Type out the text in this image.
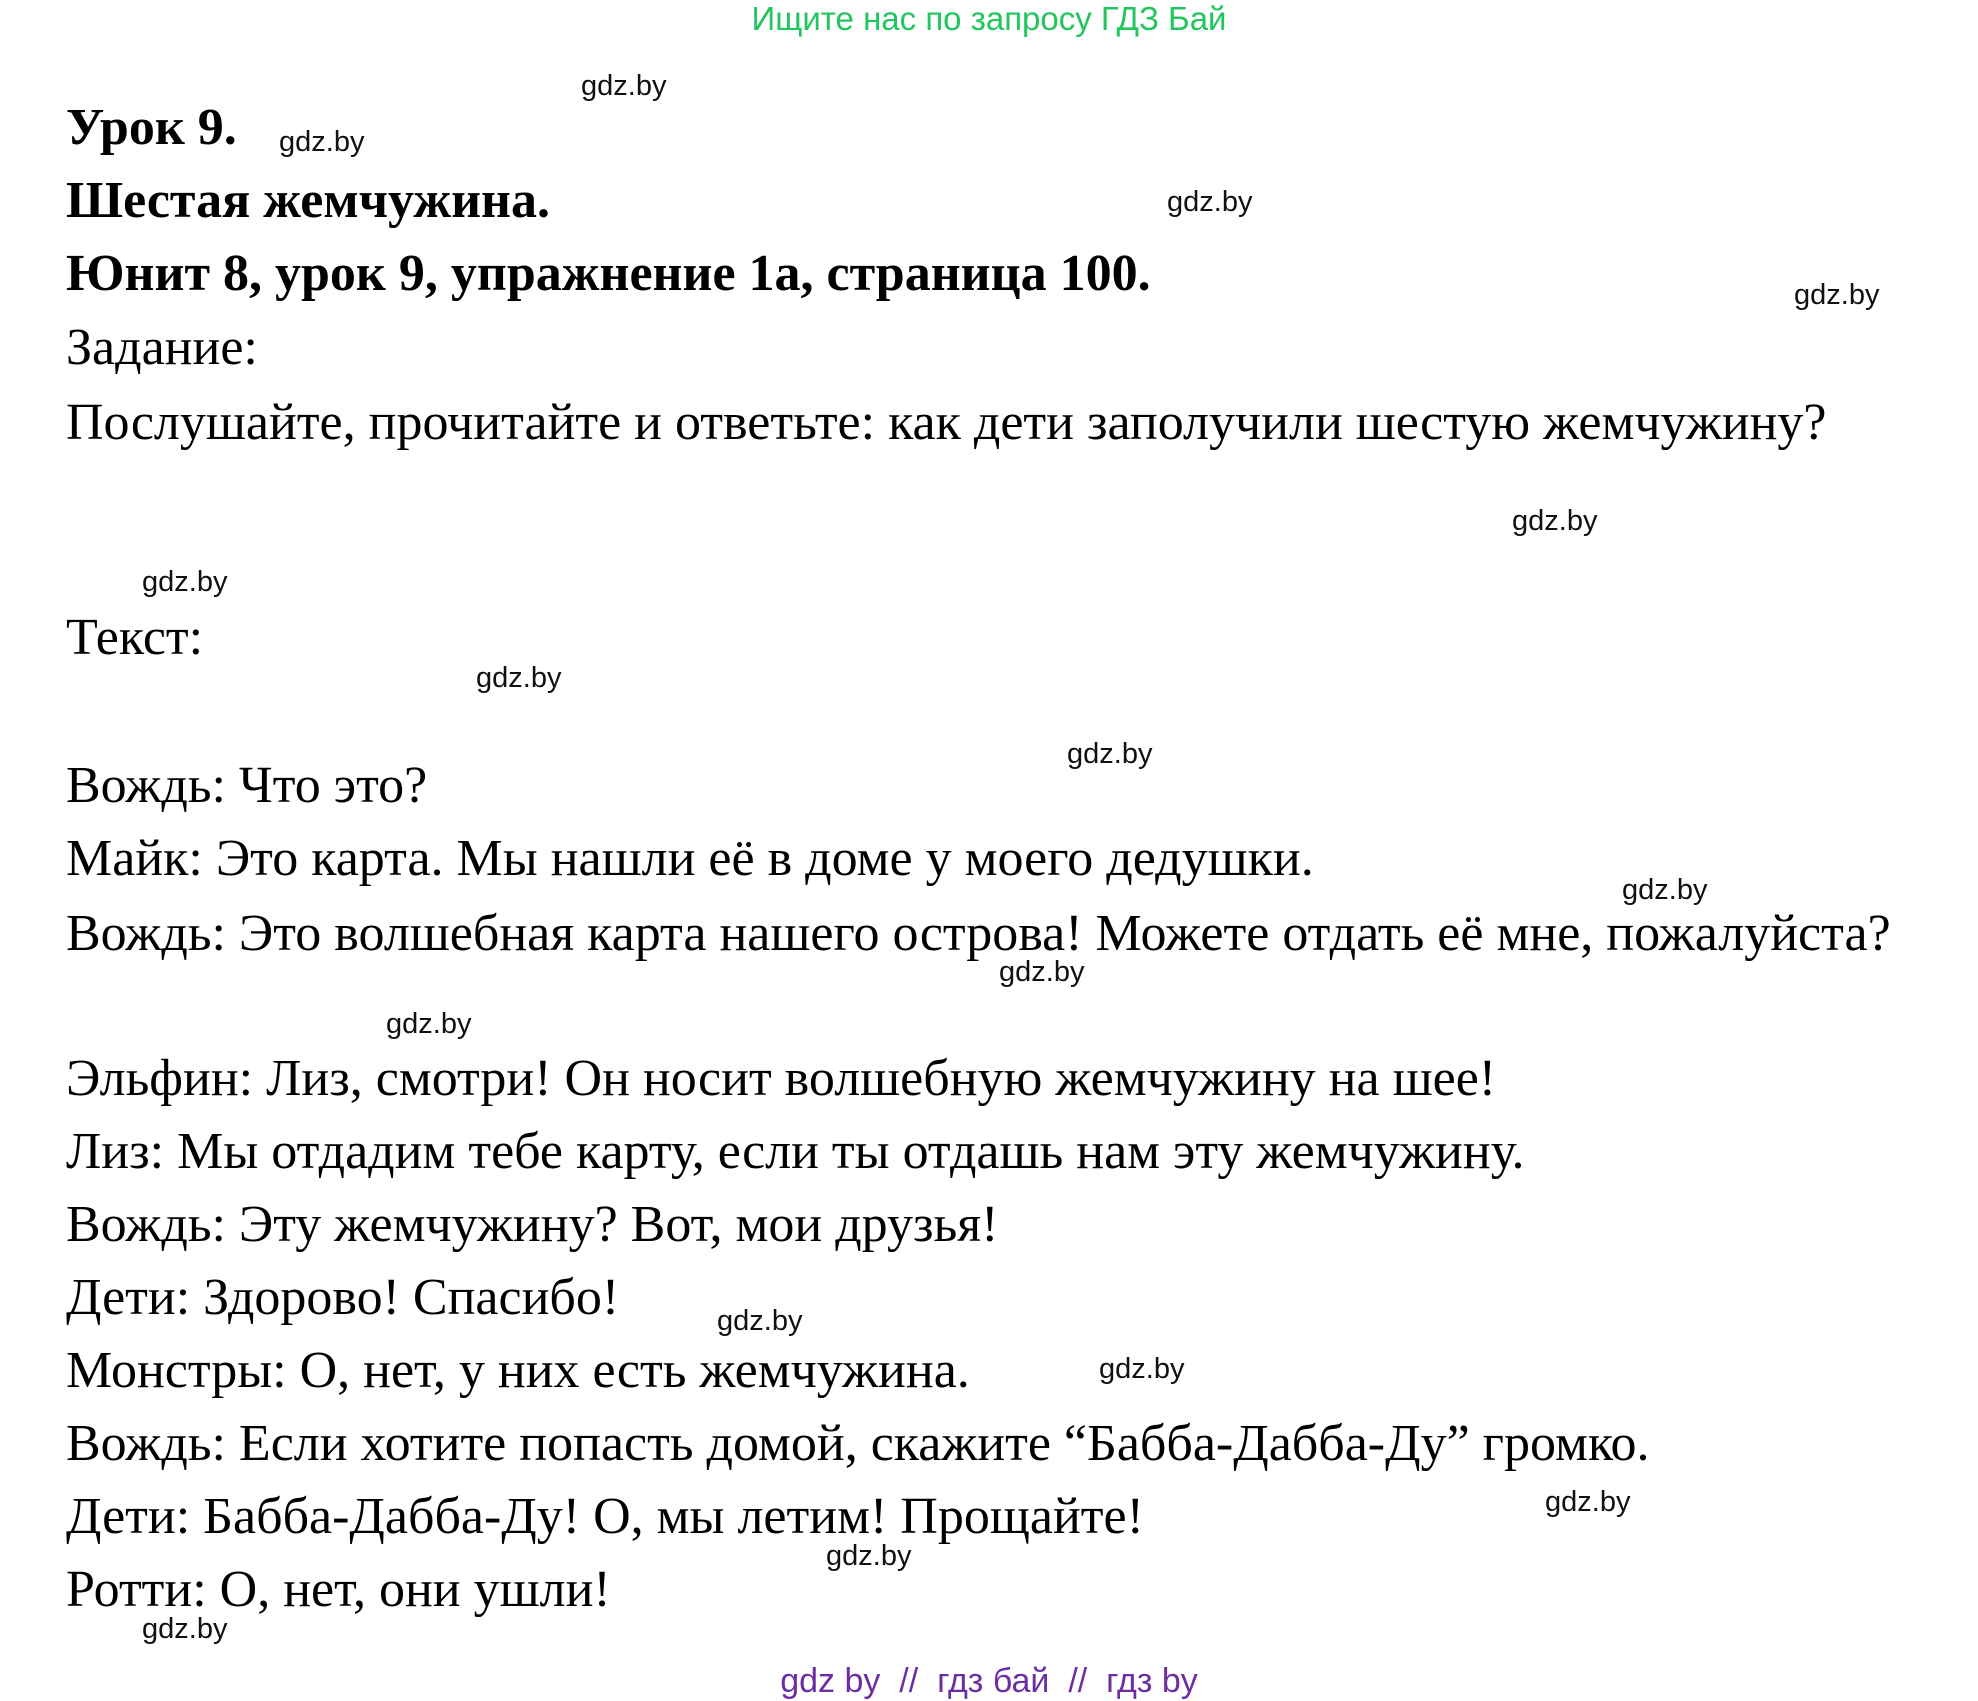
Ищите нас по запросу ГДЗ Бай
Урок 9.
Шестая жемчужина.
Юнит 8, урок 9, упражнение 1a, страница 100.
Задание:
Послушайте, прочитайте и ответьте: как дети заполучили шестую жемчужину?
Текст:
Вождь: Что это?
Майк: Это карта. Мы нашли её в доме у моего дедушки.
Вождь: Это волшебная карта нашего острова! Можете отдать её мне, пожалуйста?
Эльфин: Лиз, смотри! Он носит волшебную жемчужину на шее!
Лиз: Мы отдадим тебе карту, если ты отдашь нам эту жемчужину.
Вождь: Эту жемчужину? Вот, мои друзья!
Дети: Здорово! Спасибо!
Монстры: О, нет, у них есть жемчужина.
Вождь: Если хотите попасть домой, скажите “Бабба-Дабба-Ду” громко.
Дети: Бабба-Дабба-Ду! О, мы летим! Прощайте!
Ротти: О, нет, они ушли!
gdz.by
gdz.by
gdz.by
gdz.by
gdz.by
gdz.by
gdz.by
gdz.by
gdz.by
gdz.by
gdz.by
gdz.by
gdz.by
gdz.by
gdz.by
gdz.by
gdz by  //  гдз бай  //  гдз by
